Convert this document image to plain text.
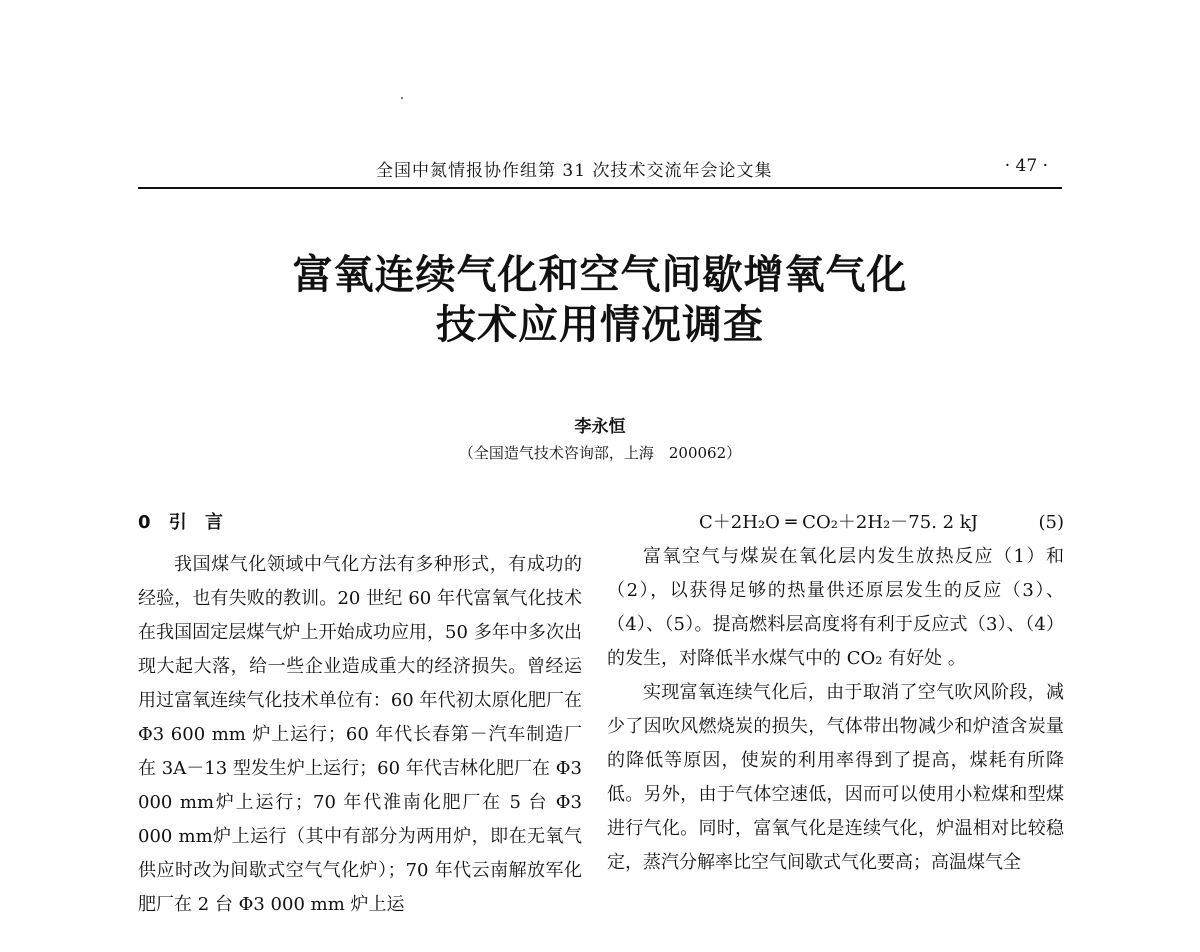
全国中氮情报协作组第 31 次技术交流年会论文集	· 47 ·
富氧连续气化和空气间歇增氧气化
技术应用情况调查
李永恒
（全国造气技术咨询部，上海　200062）
0 引 言

我国煤气化领域中气化方法有多种形式，有成功的经验，也有失败的教训。20 世纪 60 年代富氧气化技术在我国固定层煤气炉上开始成功应用，50 多年中多次出现大起大落，给一些企业造成重大的经济损失。曾经运用过富氧连续气化技术单位有：60 年代初太原化肥厂在 Φ3 600 mm 炉上运行；60 年代长春第－汽车制造厂在 3A－13 型发生炉上运行；60 年代吉林化肥厂在 Φ3 000 mm炉上运行；70 年代淮南化肥厂在 5 台 Φ3 000 mm炉上运行（其中有部分为两用炉，即在无氧气供应时改为间歇式空气气化炉）；70 年代云南解放军化肥厂在 2 台 Φ3 000 mm 炉上运

C＋2H₂O ═ CO₂＋2H₂－75. 2 kJ	(5)

富氧空气与煤炭在氧化层内发生放热反应（1）和（2），以获得足够的热量供还原层发生的反应（3）、（4）、（5）。提高燃料层高度将有利于反应式（3）、（4）的发生，对降低半水煤气中的 CO₂ 有好处 。

实现富氧连续气化后，由于取消了空气吹风阶段，减少了因吹风燃烧炭的损失，气体带出物减少和炉渣含炭量的降低等原因，使炭的利用率得到了提高，煤耗有所降低。另外，由于气体空速低，因而可以使用小粒煤和型煤进行气化。同时，富氧气化是连续气化，炉温相对比较稳定，蒸汽分解率比空气间歇式气化要高；高温煤气全
